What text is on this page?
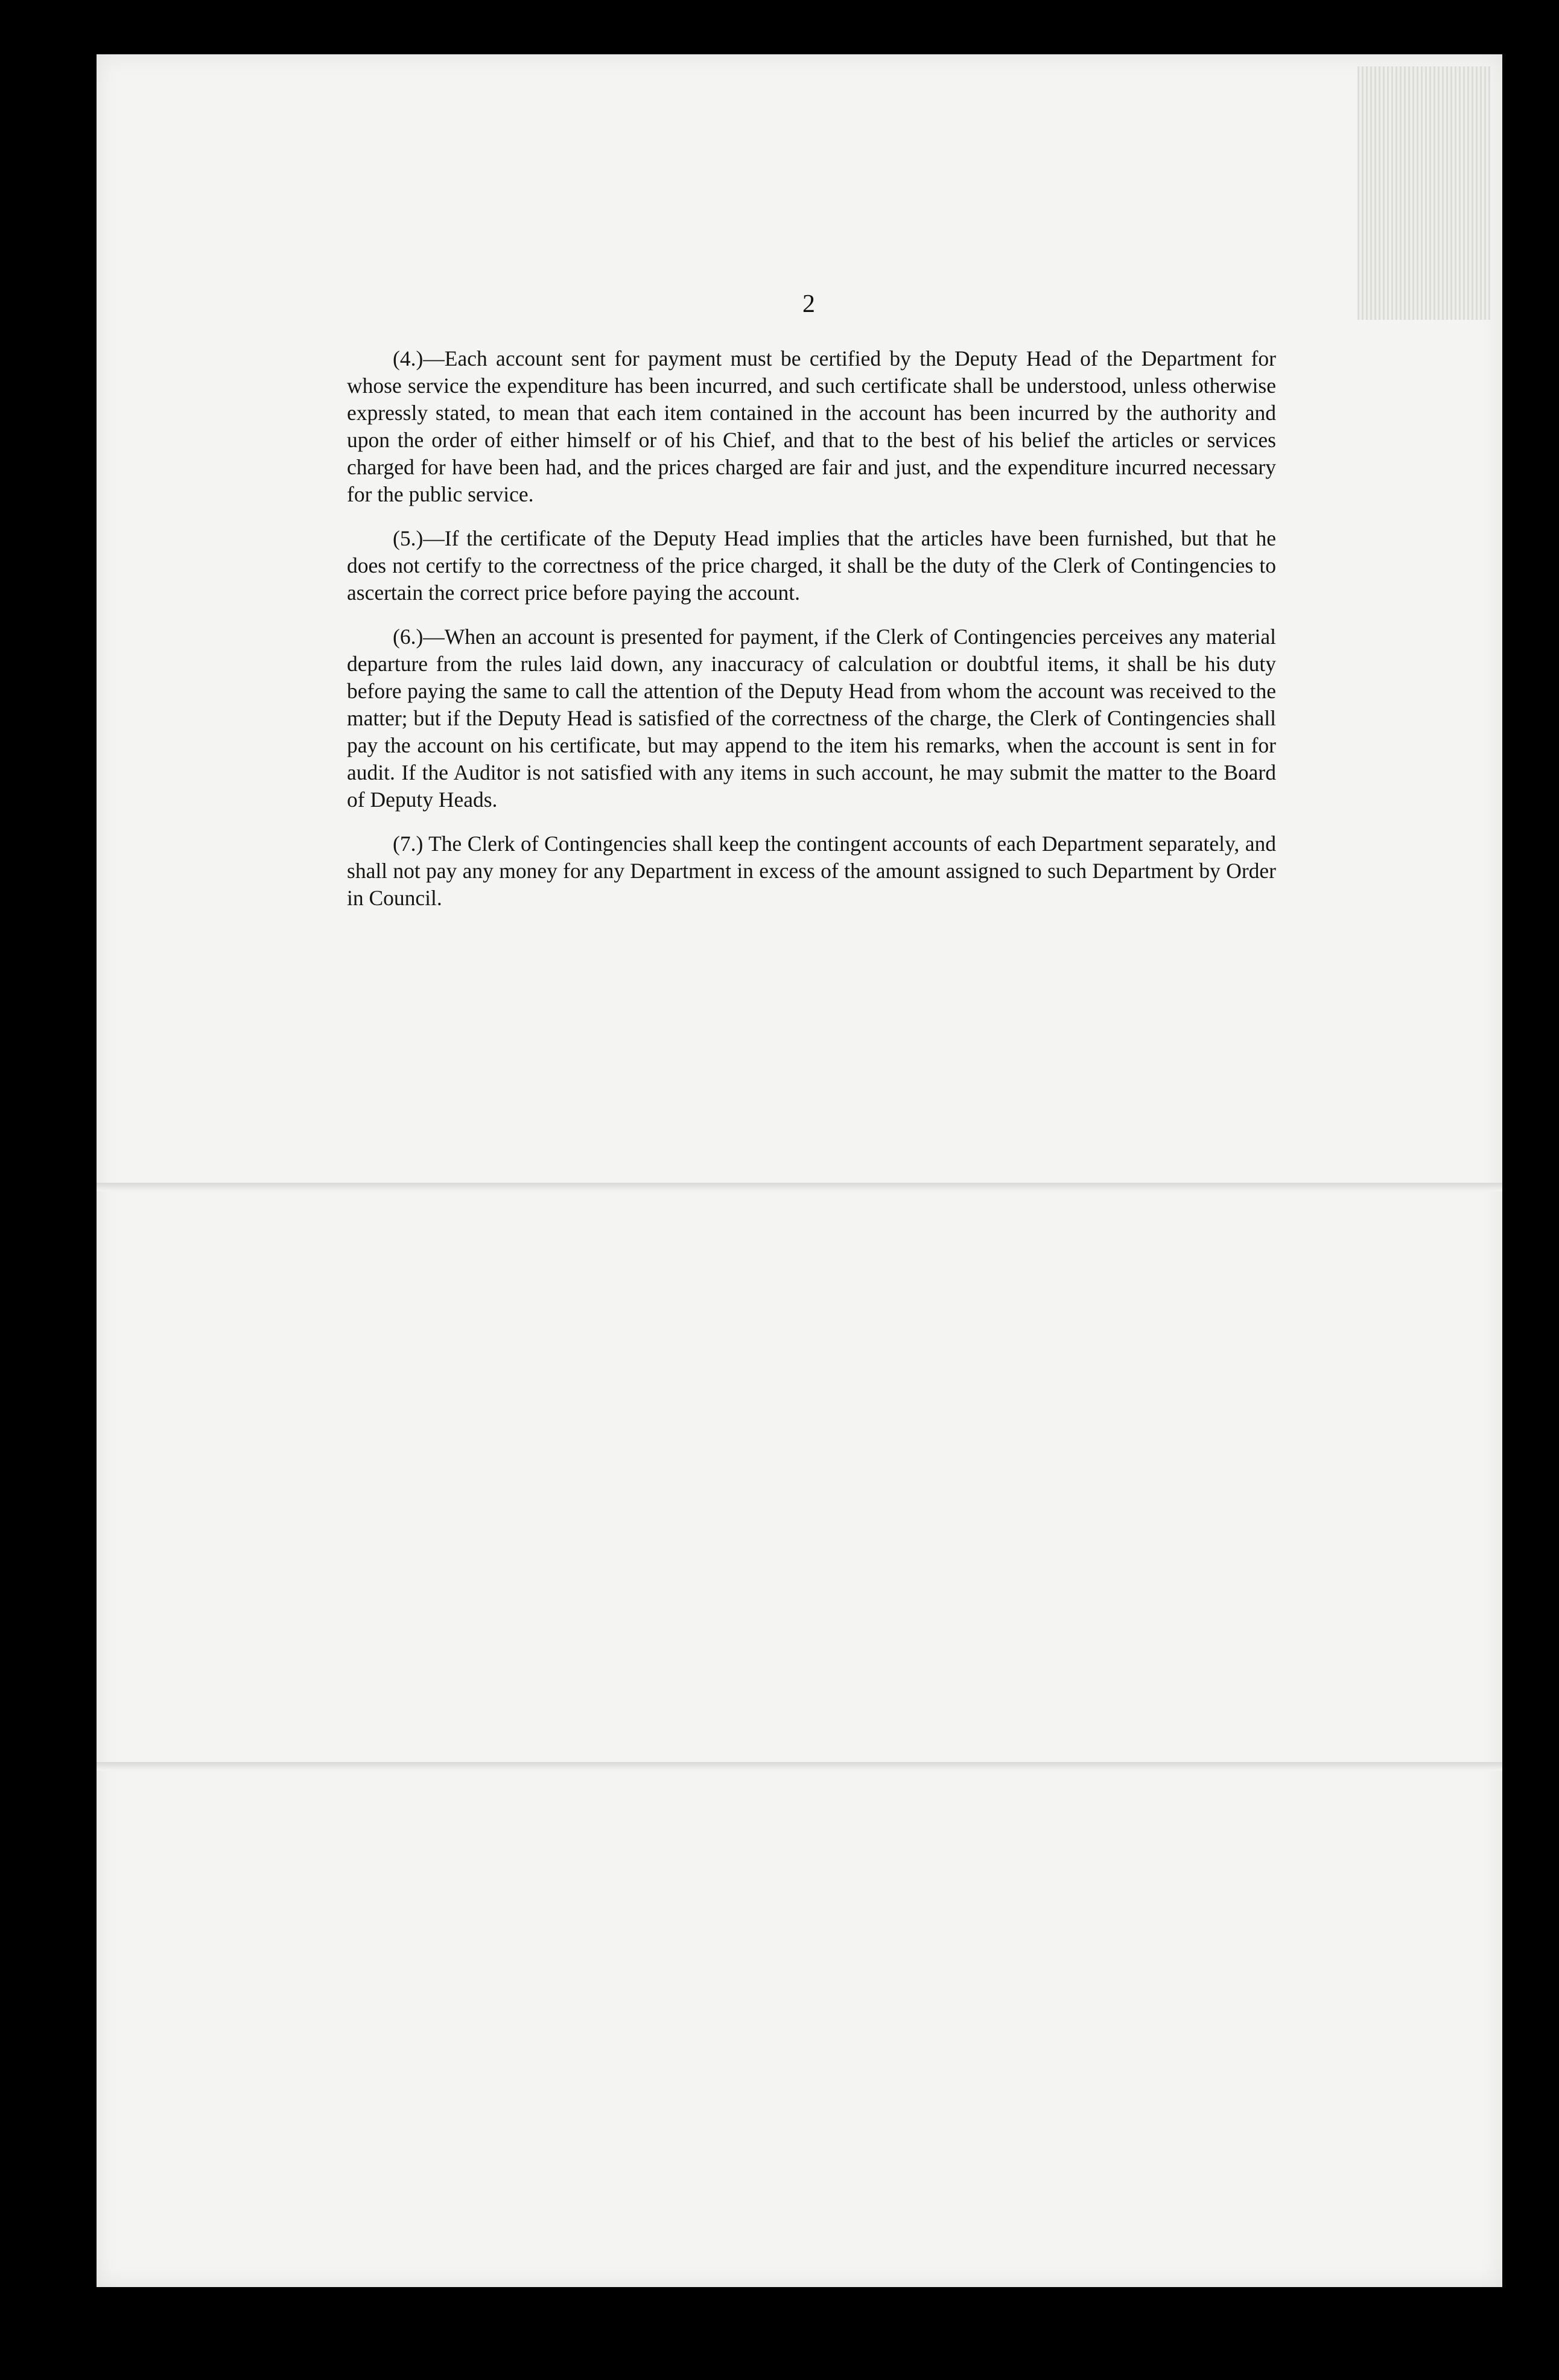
2

(4.)—Each account sent for payment must be certified by the Deputy Head of the Department for whose service the expenditure has been incurred, and such certificate shall be understood, unless otherwise expressly stated, to mean that each item contained in the account has been incurred by the authority and upon the order of either himself or of his Chief, and that to the best of his belief the articles or services charged for have been had, and the prices charged are fair and just, and the expenditure incurred necessary for the public service.

(5.)—If the certificate of the Deputy Head implies that the articles have been furnished, but that he does not certify to the correctness of the price charged, it shall be the duty of the Clerk of Contingencies to ascertain the correct price before paying the account.

(6.)—When an account is presented for payment, if the Clerk of Contingencies perceives any material departure from the rules laid down, any inaccuracy of calculation or doubtful items, it shall be his duty before paying the same to call the attention of the Deputy Head from whom the account was received to the matter; but if the Deputy Head is satisfied of the correctness of the charge, the Clerk of Contingencies shall pay the account on his certificate, but may append to the item his remarks, when the account is sent in for audit. If the Auditor is not satisfied with any items in such account, he may submit the matter to the Board of Deputy Heads.

(7.) The Clerk of Contingencies shall keep the contingent accounts of each Department separately, and shall not pay any money for any Department in excess of the amount assigned to such Department by Order in Council.
